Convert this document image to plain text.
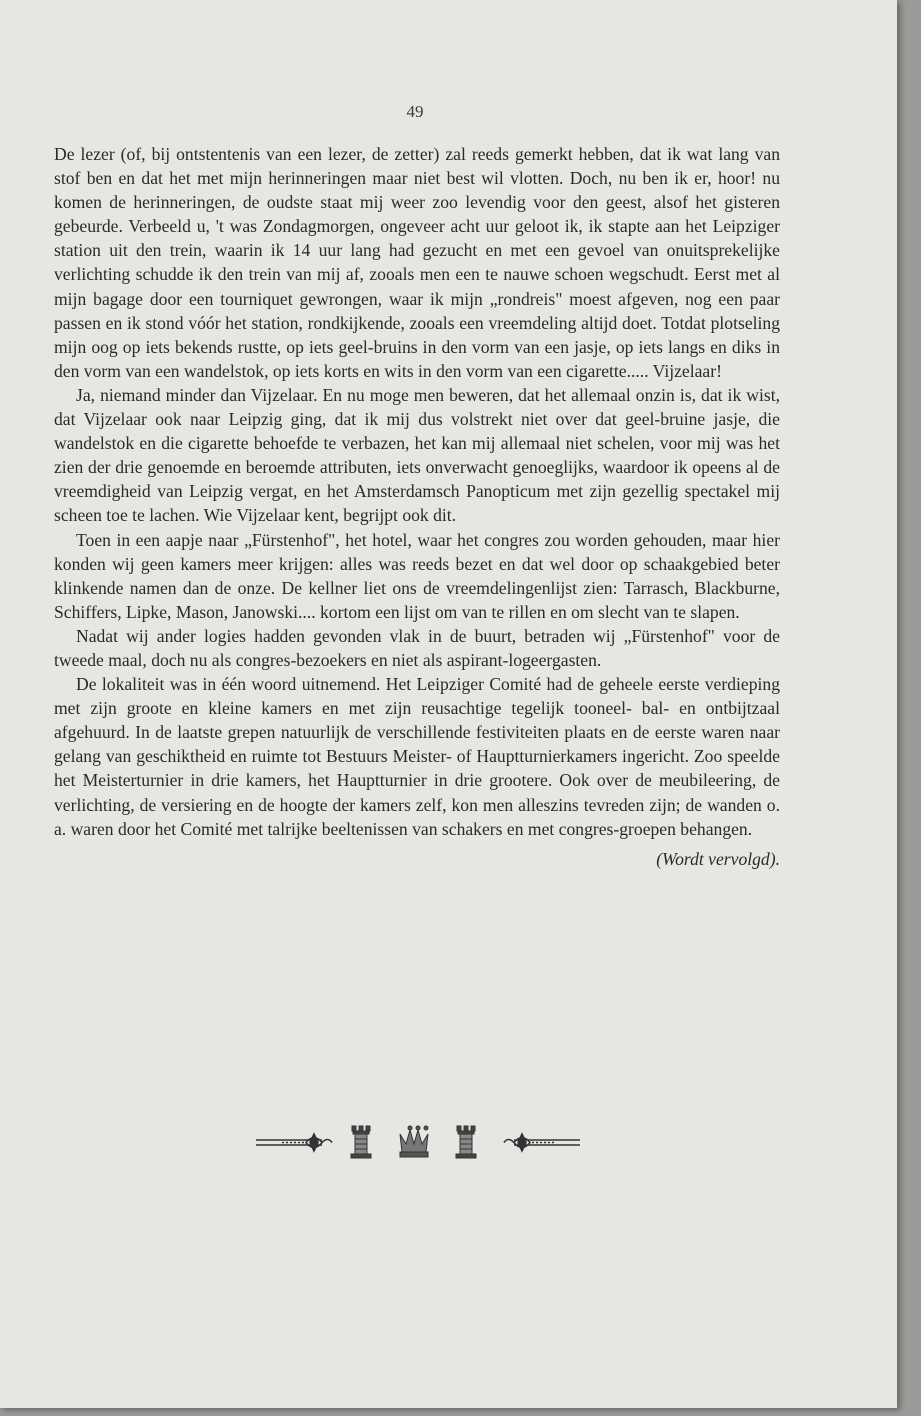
49

De lezer (of, bij ontstentenis van een lezer, de zetter) zal reeds gemerkt hebben, dat ik wat lang van stof ben en dat het met mijn herinneringen maar niet best wil vlotten. Doch, nu ben ik er, hoor! nu komen de herinneringen, de oudste staat mij weer zoo levendig voor den geest, alsof het gisteren gebeurde. Verbeeld u, 't was Zondagmorgen, ongeveer acht uur geloot ik, ik stapte aan het Leipziger station uit den trein, waarin ik 14 uur lang had gezucht en met een gevoel van onuitsprekelijke verlichting schudde ik den trein van mij af, zooals men een te nauwe schoen wegschudt. Eerst met al mijn bagage door een tourniquet gewrongen, waar ik mijn „rondreis" moest afgeven, nog een paar passen en ik stond vóór het station, rondkijkende, zooals een vreemdeling altijd doet. Totdat plotseling mijn oog op iets bekends rustte, op iets geel-bruins in den vorm van een jasje, op iets langs en diks in den vorm van een wandelstok, op iets korts en wits in den vorm van een cigarette..... Vijzelaar!

Ja, niemand minder dan Vijzelaar. En nu moge men beweren, dat het allemaal onzin is, dat ik wist, dat Vijzelaar ook naar Leipzig ging, dat ik mij dus volstrekt niet over dat geel-bruine jasje, die wandelstok en die cigarette behoefde te verbazen, het kan mij allemaal niet schelen, voor mij was het zien der drie genoemde en beroemde attributen, iets onverwacht genoeglijks, waardoor ik opeens al de vreemdigheid van Leipzig vergat, en het Amsterdamsch Panopticum met zijn gezellig spectakel mij scheen toe te lachen. Wie Vijzelaar kent, begrijpt ook dit.

Toen in een aapje naar „Fürstenhof", het hotel, waar het congres zou worden gehouden, maar hier konden wij geen kamers meer krijgen: alles was reeds bezet en dat wel door op schaakgebied beter klinkende namen dan de onze. De kellner liet ons de vreemdelingenlijst zien: Tarrasch, Blackburne, Schiffers, Lipke, Mason, Janowski.... kortom een lijst om van te rillen en om slecht van te slapen.

Nadat wij ander logies hadden gevonden vlak in de buurt, betraden wij „Fürstenhof" voor de tweede maal, doch nu als congres-bezoekers en niet als aspirant-logeergasten.

De lokaliteit was in één woord uitnemend. Het Leipziger Comité had de geheele eerste verdieping met zijn groote en kleine kamers en met zijn reusachtige tegelijk tooneel- bal- en ontbijtzaal afgehuurd. In de laatste grepen natuurlijk de verschillende festiviteiten plaats en de eerste waren naar gelang van geschiktheid en ruimte tot Bestuurs Meister- of Hauptturnierkamers ingericht. Zoo speelde het Meisterturnier in drie kamers, het Hauptturnier in drie grootere. Ook over de meubileering, de verlichting, de versiering en de hoogte der kamers zelf, kon men alleszins tevreden zijn; de wanden o. a. waren door het Comité met talrijke beeltenissen van schakers en met congres-groepen behangen.

(Wordt vervolgd).
